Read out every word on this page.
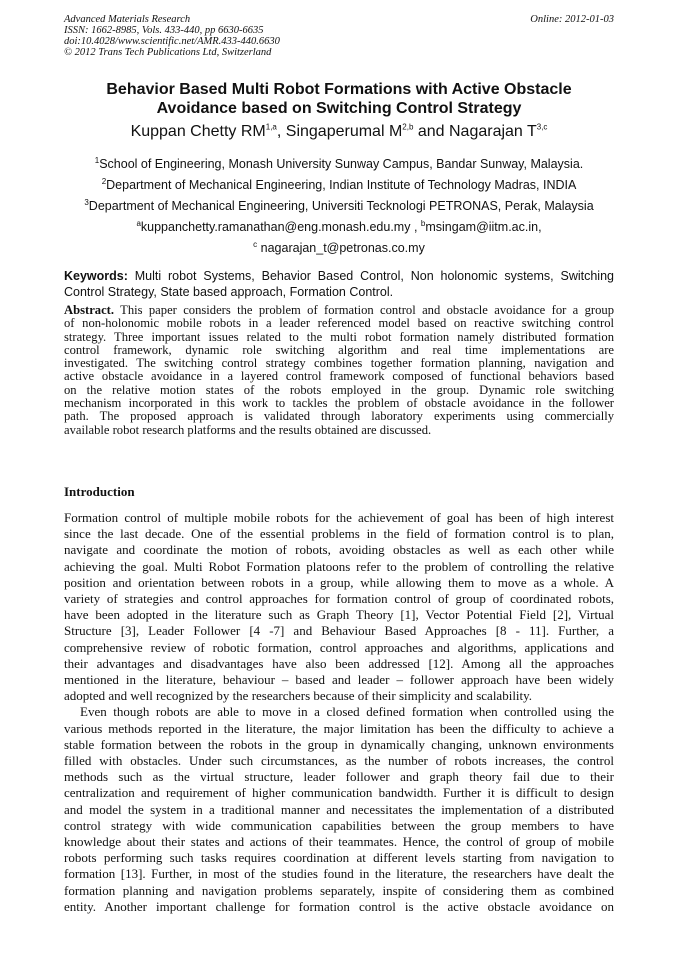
Advanced Materials Research
ISSN: 1662-8985, Vols. 433-440, pp 6630-6635
doi:10.4028/www.scientific.net/AMR.433-440.6630
© 2012 Trans Tech Publications Ltd, Switzerland
Online: 2012-01-03
Behavior Based Multi Robot Formations with Active Obstacle
Avoidance based on Switching Control Strategy
Kuppan Chetty RM$^{1,a}$, Singaperumal M$^{2,b}$ and Nagarajan T$^{3,c}$
$^1$School of Engineering, Monash University Sunway Campus, Bandar Sunway, Malaysia.
$^2$Department of Mechanical Engineering, Indian Institute of Technology Madras, INDIA
$^3$Department of Mechanical Engineering, Universiti Tecknologi PETRONAS, Perak, Malaysia
$^a$kuppanchetty.ramanathan@eng.monash.edu.my , $^b$msingam@iitm.ac.in,
$^c$ nagarajan_t@petronas.co.my
Keywords: Multi robot Systems, Behavior Based Control, Non holonomic systems, Switching
Control Strategy, State based approach, Formation Control.
Abstract. This paper considers the problem of formation control and obstacle avoidance for a group
of non-holonomic mobile robots in a leader referenced model based on reactive switching control
strategy. Three important issues related to the multi robot formation namely distributed formation
control framework, dynamic role switching algorithm and real time implementations are
investigated. The switching control strategy combines together formation planning, navigation and
active obstacle avoidance in a layered control framework composed of functional behaviors based
on the relative motion states of the robots employed in the group. Dynamic role switching
mechanism incorporated in this work to tackles the problem of obstacle avoidance in the follower
path. The proposed approach is validated through laboratory experiments using commercially
available robot research platforms and the results obtained are discussed.
Introduction
Formation control of multiple mobile robots for the achievement of goal has been of high interest
since the last decade. One of the essential problems in the field of formation control is to plan,
navigate and coordinate the motion of robots, avoiding obstacles as well as each other while
achieving the goal. Multi Robot Formation platoons refer to the problem of controlling the relative
position and orientation between robots in a group, while allowing them to move as a whole. A
variety of strategies and control approaches for formation control of group of coordinated robots,
have been adopted in the literature such as Graph Theory [1], Vector Potential Field [2], Virtual
Structure [3], Leader Follower [4 -7] and Behaviour Based Approaches [8 - 11]. Further, a
comprehensive review of robotic formation, control approaches and algorithms, applications and
their advantages and disadvantages have also been addressed [12]. Among all the approaches
mentioned in the literature, behaviour – based and leader – follower approach have been widely
adopted and well recognized by the researchers because of their simplicity and scalability.
Even though robots are able to move in a closed defined formation when controlled using the
various methods reported in the literature, the major limitation has been the difficulty to achieve a
stable formation between the robots in the group in dynamically changing, unknown environments
filled with obstacles. Under such circumstances, as the number of robots increases, the control
methods such as the virtual structure, leader follower and graph theory fail due to their
centralization and requirement of higher communication bandwidth. Further it is difficult to design
and model the system in a traditional manner and necessitates the implementation of a distributed
control strategy with wide communication capabilities between the group members to have
knowledge about their states and actions of their teammates. Hence, the control of group of mobile
robots performing such tasks requires coordination at different levels starting from navigation to
formation [13]. Further, in most of the studies found in the literature, the researchers have dealt the
formation planning and navigation problems separately, inspite of considering them as combined
entity. Another important challenge for formation control is the active obstacle avoidance on
